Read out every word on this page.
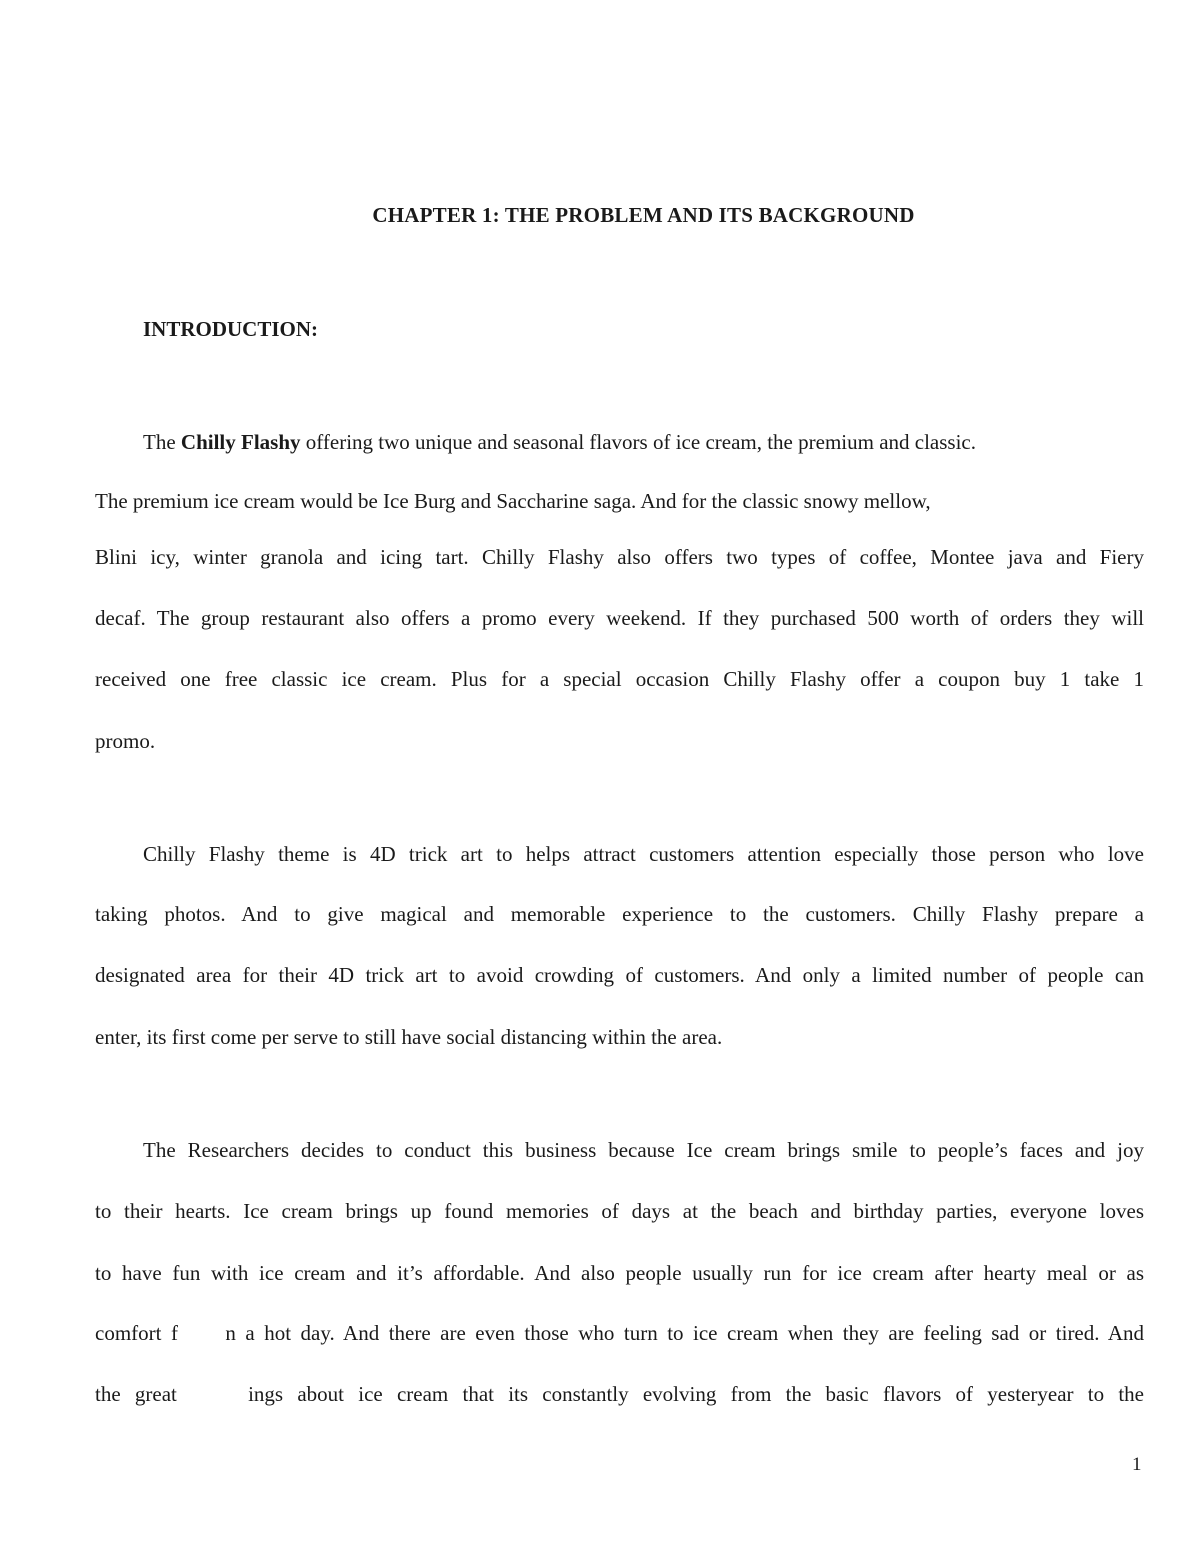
CHAPTER 1: THE PROBLEM AND ITS BACKGROUND
INTRODUCTION:
The Chilly Flashy offering two unique and seasonal flavors of ice cream, the premium and classic.
The premium ice cream would be Ice Burg and Saccharine saga. And for the classic snowy mellow,
Blini icy, winter granola and icing tart. Chilly Flashy also offers two types of coffee, Montee java and Fiery
decaf. The group restaurant also offers a promo every weekend. If they purchased 500 worth of orders they will
received one free classic ice cream. Plus for a special occasion Chilly Flashy offer a coupon buy 1 take 1
promo.
Chilly Flashy theme is 4D trick art to helps attract customers attention especially those person who love
taking photos. And to give magical and memorable experience to the customers. Chilly Flashy prepare a
designated area for their 4D trick art to avoid crowding of customers. And only a limited number of people can
enter, its first come per serve to still have social distancing within the area.
The Researchers decides to conduct this business because Ice cream brings smile to people’s faces and joy
to their hearts. Ice cream brings up found memories of days at the beach and birthday parties, everyone loves
to have fun with ice cream and it’s affordable. And also people usually run for ice cream after hearty meal or as
comfort f     n a hot day. And there are even those who turn to ice cream when they are feeling sad or tired. And
the great     ings about ice cream that its constantly evolving from the basic flavors of yesteryear to the
1
